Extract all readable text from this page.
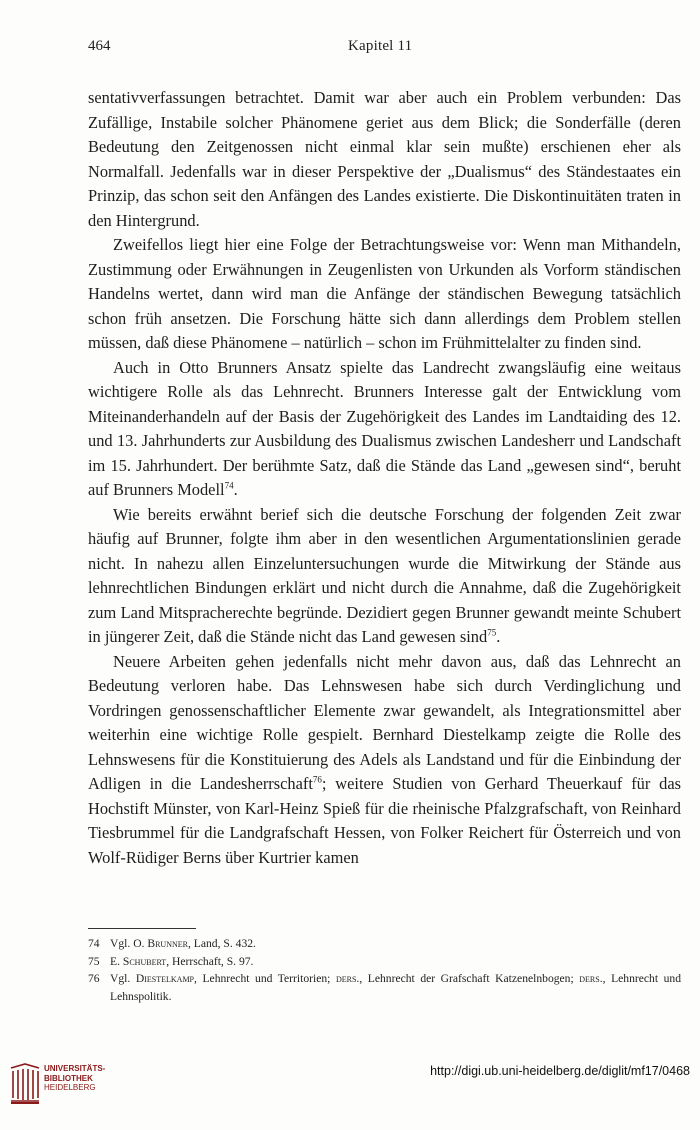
464	Kapitel 11

sentativverfassungen betrachtet. Damit war aber auch ein Problem verbunden: Das Zufällige, Instabile solcher Phänomene geriet aus dem Blick; die Sonderfälle (deren Bedeutung den Zeitgenossen nicht einmal klar sein mußte) erschienen eher als Normalfall. Jedenfalls war in dieser Perspektive der „Dualismus“ des Ständestaates ein Prinzip, das schon seit den Anfängen des Landes existierte. Die Diskontinuitäten traten in den Hintergrund.

Zweifellos liegt hier eine Folge der Betrachtungsweise vor: Wenn man Mithandeln, Zustimmung oder Erwähnungen in Zeugenlisten von Urkunden als Vorform ständischen Handelns wertet, dann wird man die Anfänge der ständischen Bewegung tatsächlich schon früh ansetzen. Die Forschung hätte sich dann allerdings dem Problem stellen müssen, daß diese Phänomene – natürlich – schon im Frühmittelalter zu finden sind.

Auch in Otto Brunners Ansatz spielte das Landrecht zwangsläufig eine weitaus wichtigere Rolle als das Lehnrecht. Brunners Interesse galt der Entwicklung vom Miteinanderhandeln auf der Basis der Zugehörigkeit des Landes im Landtaiding des 12. und 13. Jahrhunderts zur Ausbildung des Dualismus zwischen Landesherr und Landschaft im 15. Jahrhundert. Der berühmte Satz, daß die Stände das Land „gewesen sind“, beruht auf Brunners Modell$^{74}$.

Wie bereits erwähnt berief sich die deutsche Forschung der folgenden Zeit zwar häufig auf Brunner, folgte ihm aber in den wesentlichen Argumentationslinien gerade nicht. In nahezu allen Einzeluntersuchungen wurde die Mitwirkung der Stände aus lehnrechtlichen Bindungen erklärt und nicht durch die Annahme, daß die Zugehörigkeit zum Land Mitspracherechte begründe. Dezidiert gegen Brunner gewandt meinte Schubert in jüngerer Zeit, daß die Stände nicht das Land gewesen sind$^{75}$.

Neuere Arbeiten gehen jedenfalls nicht mehr davon aus, daß das Lehnrecht an Bedeutung verloren habe. Das Lehnswesen habe sich durch Verdinglichung und Vordringen genossenschaftlicher Elemente zwar gewandelt, als Integrationsmittel aber weiterhin eine wichtige Rolle gespielt. Bernhard Diestelkamp zeigte die Rolle des Lehnswesens für die Konstituierung des Adels als Landstand und für die Einbindung der Adligen in die Landesherrschaft$^{76}$; weitere Studien von Gerhard Theuerkauf für das Hochstift Münster, von Karl-Heinz Spieß für die rheinische Pfalzgrafschaft, von Reinhard Tiesbrummel für die Landgrafschaft Hessen, von Folker Reichert für Österreich und von Wolf-Rüdiger Berns über Kurtrier kamen

74 Vgl. O. Brunner, Land, S. 432.
75 E. Schubert, Herrschaft, S. 97.
76 Vgl. Diestelkamp, Lehnrecht und Territorien; ders., Lehnrecht der Grafschaft Katzenelnbogen; ders., Lehnrecht und Lehnspolitik.
UNIVERSITÄTS-
BIBLIOTHEK
HEIDELBERG
http://digi.ub.uni-heidelberg.de/diglit/mf17/0468
